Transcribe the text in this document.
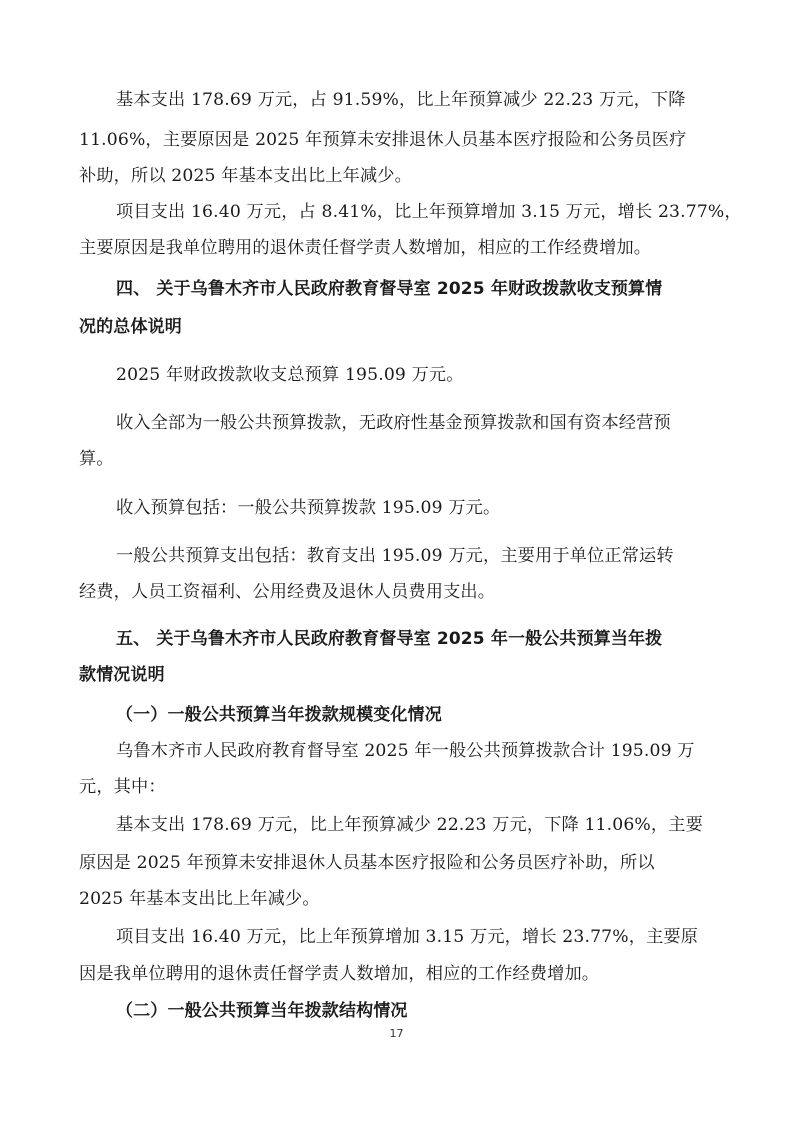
基本支出 178.69 万元，占 91.59%，比上年预算减少 22.23 万元，下降
11.06%，主要原因是 2025 年预算未安排退休人员基本医疗报险和公务员医疗
补助，所以 2025 年基本支出比上年减少。
项目支出 16.40 万元，占 8.41%，比上年预算增加 3.15 万元，增长 23.77%，
主要原因是我单位聘用的退休责任督学责人数增加，相应的工作经费增加。
四、 关于乌鲁木齐市人民政府教育督导室 2025 年财政拨款收支预算情
况的总体说明
2025 年财政拨款收支总预算 195.09 万元。
收入全部为一般公共预算拨款，无政府性基金预算拨款和国有资本经营预
算。
收入预算包括：一般公共预算拨款 195.09 万元。
一般公共预算支出包括：教育支出 195.09 万元，主要用于单位正常运转
经费，人员工资福利、公用经费及退休人员费用支出。
五、 关于乌鲁木齐市人民政府教育督导室 2025 年一般公共预算当年拨
款情况说明
（一）一般公共预算当年拨款规模变化情况
乌鲁木齐市人民政府教育督导室 2025 年一般公共预算拨款合计 195.09 万
元，其中：
基本支出 178.69 万元，比上年预算减少 22.23 万元，下降 11.06%，主要
原因是 2025 年预算未安排退休人员基本医疗报险和公务员医疗补助，所以
2025 年基本支出比上年减少。
项目支出 16.40 万元，比上年预算增加 3.15 万元，增长 23.77%，主要原
因是我单位聘用的退休责任督学责人数增加，相应的工作经费增加。
（二）一般公共预算当年拨款结构情况
17
